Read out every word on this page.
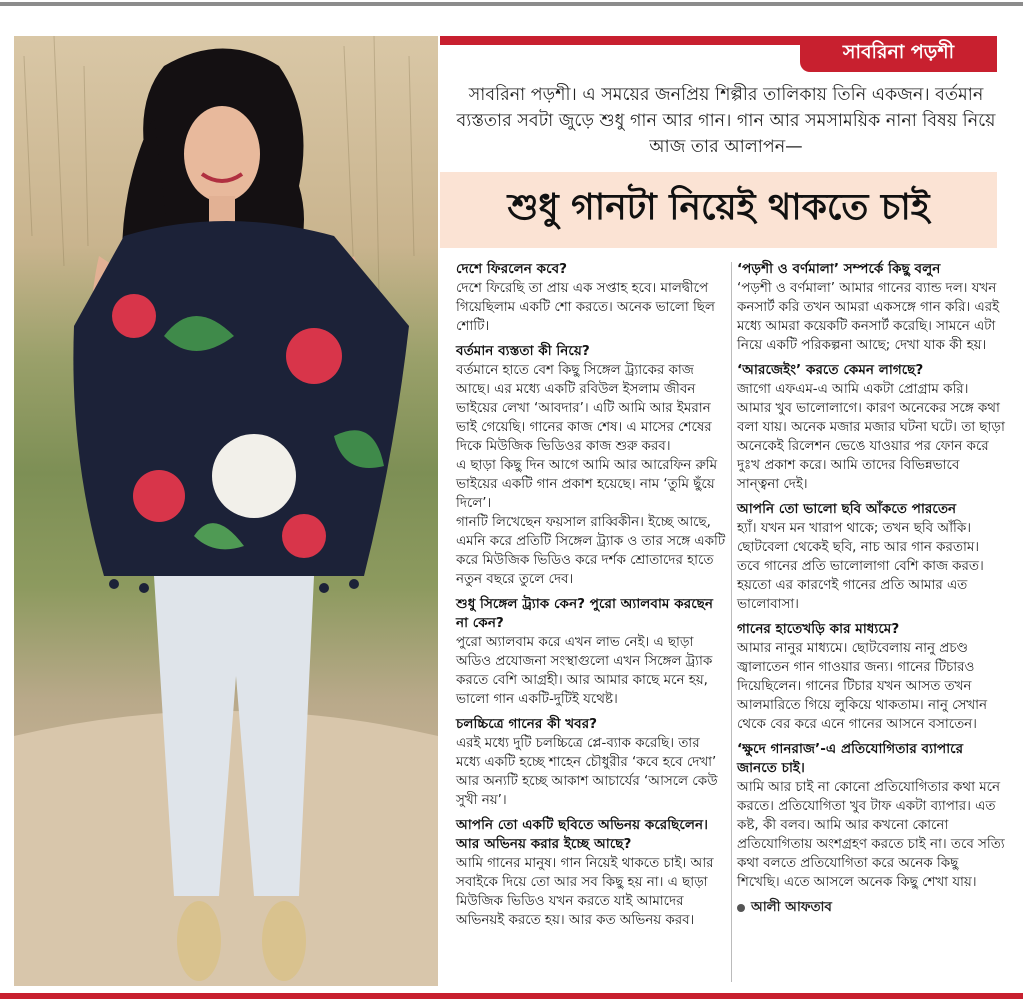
সাবরিনা পড়শী
সাবরিনা পড়শী। এ সময়ের জনপ্রিয় শিল্পীর তালিকায় তিনি একজন। বর্তমান ব্যস্ততার সবটা জুড়ে শুধু গান আর গান। গান আর সমসাময়িক নানা বিষয় নিয়ে আজ তার আলাপন—
শুধু গানটা নিয়েই থাকতে চাই
দেশে ফিরলেন কবে?

দেশে ফিরেছি তা প্রায় এক সপ্তাহ হবে। মালদ্বীপে গিয়েছিলাম একটি শো করতে। অনেক ভালো ছিল শোটি।

বর্তমান ব্যস্ততা কী নিয়ে?

বর্তমানে হাতে বেশ কিছু সিঙ্গেল ট্র্যাকের কাজ আছে। এর মধ্যে একটি রবিউল ইসলাম জীবন ভাইয়ের লেখা ‘আবদার’। এটি আমি আর ইমরান ভাই গেয়েছি। গানের কাজ শেষ। এ মাসের শেষের দিকে মিউজিক ভিডিওর কাজ শুরু করব।

এ ছাড়া কিছু দিন আগে আমি আর আরেফিন রুমি ভাইয়ের একটি গান প্রকাশ হয়েছে। নাম ‘তুমি ছুঁয়ে দিলে’।

গানটি লিখেছেন ফয়সাল রাব্বিকীন। ইচ্ছে আছে, এমনি করে প্রতিটি সিঙ্গেল ট্র্যাক ও তার সঙ্গে একটি করে মিউজিক ভিডিও করে দর্শক শ্রোতাদের হাতে নতুন বছরে তুলে দেব।

শুধু সিঙ্গেল ট্র্যাক কেন? পুরো অ্যালবাম করছেন না কেন?

পুরো অ্যালবাম করে এখন লাভ নেই। এ ছাড়া অডিও প্রযোজনা সংস্থাগুলো এখন সিঙ্গেল ট্র্যাক করতে বেশি আগ্রহী। আর আমার কাছে মনে হয়, ভালো গান একটি-দুটিই যথেষ্ট।

চলচ্চিত্রে গানের কী খবর?

এরই মধ্যে দুটি চলচ্চিত্রে প্লে-ব্যাক করেছি। তার মধ্যে একটি হচ্ছে শাহেন চৌধুরীর ‘কবে হবে দেখা’ আর অন্যটি হচ্ছে আকাশ আচার্যের ‘আসলে কেউ সুখী নয়’।

আপনি তো একটি ছবিতে অভিনয় করেছিলেন। আর অভিনয় করার ইচ্ছে আছে?

আমি গানের মানুষ। গান নিয়েই থাকতে চাই। আর সবাইকে দিয়ে তো আর সব কিছু হয় না। এ ছাড়া মিউজিক ভিডিও যখন করতে যাই আমাদের অভিনয়ই করতে হয়। আর কত অভিনয় করব।

‘পড়শী ও বর্ণমালা’ সম্পর্কে কিছু বলুন

‘পড়শী ও বর্ণমালা’ আমার গানের ব্যান্ড দল। যখন কনসার্ট করি তখন আমরা একসঙ্গে গান করি। এরই মধ্যে আমরা কয়েকটি কনসার্ট করেছি। সামনে এটা নিয়ে একটি পরিকল্পনা আছে; দেখা যাক কী হয়।

‘আরজেইং’ করতে কেমন লাগছে?

জাগো এফএম-এ আমি একটা প্রোগ্রাম করি। আমার খুব ভালোলাগে। কারণ অনেকের সঙ্গে কথা বলা যায়। অনেক মজার মজার ঘটনা ঘটে। তা ছাড়া অনেকেই রিলেশন ভেঙে যাওয়ার পর ফোন করে দুঃখ প্রকাশ করে। আমি তাদের বিভিন্নভাবে সান্ত্বনা দেই।

আপনি তো ভালো ছবি আঁকতে পারতেন

হ্যাঁ। যখন মন খারাপ থাকে; তখন ছবি আঁকি। ছোটবেলা থেকেই ছবি, নাচ আর গান করতাম। তবে গানের প্রতি ভালোলাগা বেশি কাজ করত। হয়তো এর কারণেই গানের প্রতি আমার এত ভালোবাসা।

গানের হাতেখড়ি কার মাধ্যমে?

আমার নানুর মাধ্যমে। ছোটবেলায় নানু প্রচণ্ড জ্বালাতেন গান গাওয়ার জন্য। গানের টিচারও দিয়েছিলেন। গানের টিচার যখন আসত তখন আলমারিতে গিয়ে লুকিয়ে থাকতাম। নানু সেখান থেকে বের করে এনে গানের আসনে বসাতেন।

‘ক্ষুদে গানরাজ’-এ প্রতিযোগিতার ব্যাপারে জানতে চাই।

আমি আর চাই না কোনো প্রতিযোগিতার কথা মনে করতে। প্রতিযোগিতা খুব টাফ একটা ব্যাপার। এত কষ্ট, কী বলব। আমি আর কখনো কোনো প্রতিযোগিতায় অংশগ্রহণ করতে চাই না। তবে সত্যি কথা বলতে প্রতিযোগিতা করে অনেক কিছু শিখেছি। এতে আসলে অনেক কিছু শেখা যায়।

আলী আফতাব
